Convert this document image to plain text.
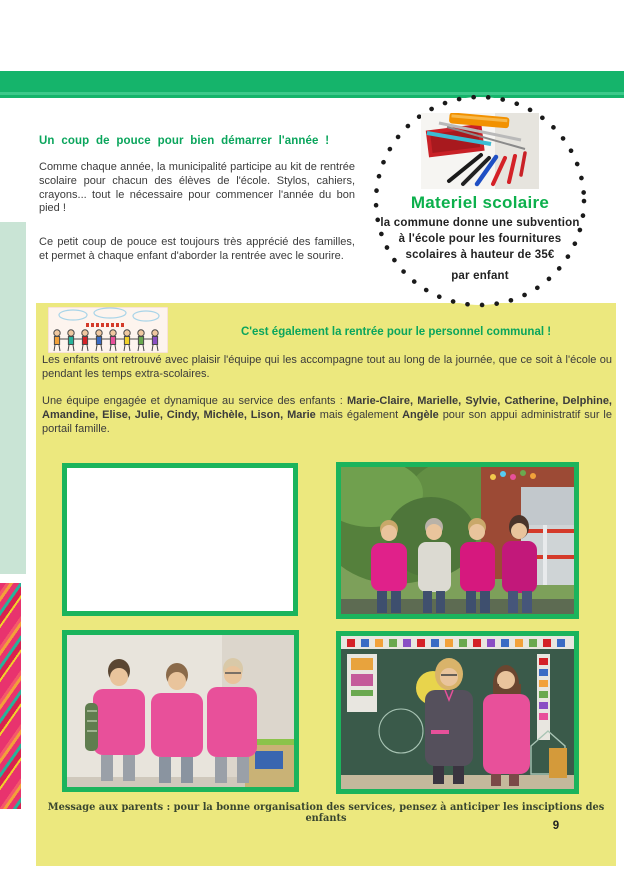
Un coup de pouce pour bien démarrer l'année !
Comme chaque année, la municipalité participe au kit de rentrée scolaire pour chacun des élèves de l'école. Stylos, cahiers, crayons... tout le nécessaire pour commencer l'année du bon pied !
Ce petit coup de pouce est toujours très apprécié des familles, et permet à chaque enfant d'aborder la rentrée avec le sourire.
Materiel scolaire
la commune donne une subvention
à l'école pour les fournitures
scolaires à hauteur de 35€
par enfant
C'est également la rentrée pour le personnel communal !
Les enfants ont retrouvé avec plaisir l'équipe qui les accompagne tout au long de la journée, que ce soit à l'école ou pendant les temps extra-scolaires.
Une équipe engagée et dynamique au service des enfants : Marie-Claire, Marielle, Sylvie, Catherine, Delphine, Amandine, Elise, Julie, Cindy, Michèle, Lison, Marie mais également Angèle pour son appui administratif sur le portail famille.
Message aux parents : pour la bonne organisation des services, pensez à anticiper les insciptions des enfants
9
